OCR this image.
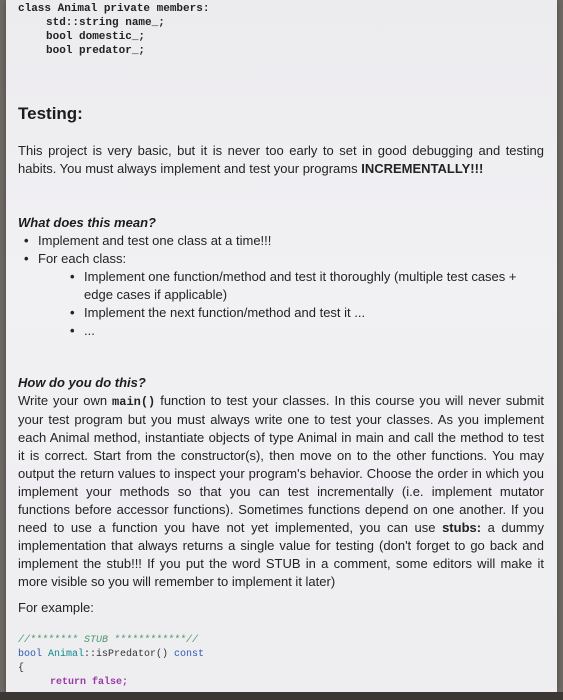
class Animal private members:
std::string name_;
bool domestic_;
bool predator_;
Testing:
This project is very basic, but it is never too early to set in good debugging and testing habits. You must always implement and test your programs INCREMENTALLY!!!
What does this mean?
• Implement and test one class at a time!!!
• For each class:
• Implement one function/method and test it thoroughly (multiple test cases + edge cases if applicable)
• Implement the next function/method and test it ...
• ...
How do you do this?
Write your own main() function to test your classes. In this course you will never submit your test program but you must always write one to test your classes. As you implement each Animal method, instantiate objects of type Animal in main and call the method to test it is correct. Start from the constructor(s), then move on to the other functions. You may output the return values to inspect your program's behavior. Choose the order in which you implement your methods so that you can test incrementally (i.e. implement mutator functions before accessor functions). Sometimes functions depend on one another. If you need to use a function you have not yet implemented, you can use stubs: a dummy implementation that always returns a single value for testing (don't forget to go back and implement the stub!!! If you put the word STUB in a comment, some editors will make it more visible so you will remember to implement it later)
For example:
//******** STUB ************//
bool Animal::isPredator() const
{
return false;
